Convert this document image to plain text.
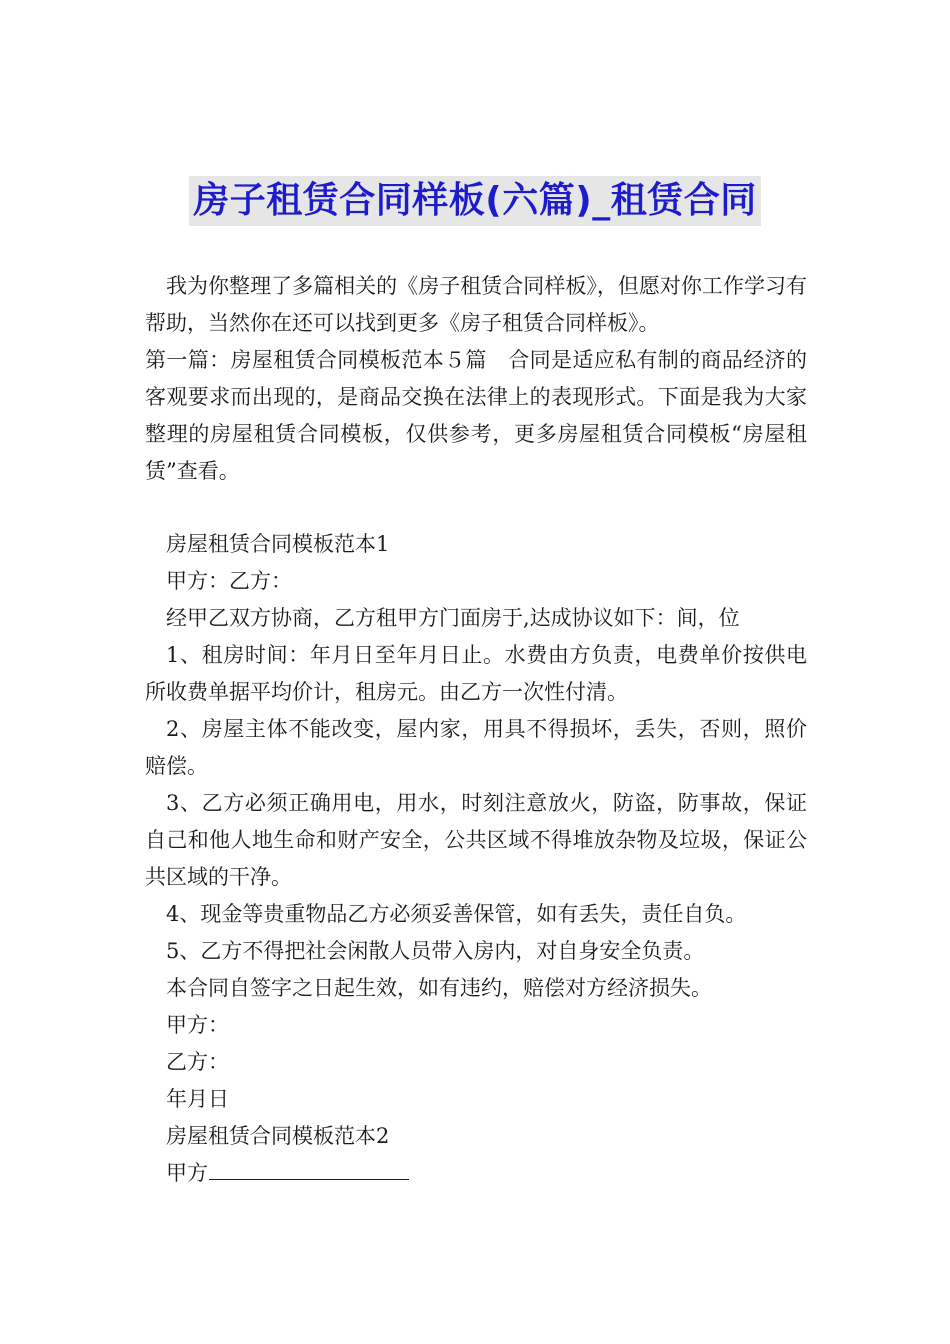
房子租赁合同样板(六篇)_租赁合同

我为你整理了多篇相关的《房子租赁合同样板》，但愿对你工作学习有帮助，当然你在还可以找到更多《房子租赁合同样板》。

第一篇：房屋租赁合同模板范本５篇　合同是适应私有制的商品经济的客观要求而出现的，是商品交换在法律上的表现形式。下面是我为大家整理的房屋租赁合同模板，仅供参考，更多房屋租赁合同模板“房屋租赁”查看。

房屋租赁合同模板范本1

甲方：乙方：

经甲乙双方协商，乙方租甲方门面房于,达成协议如下：间，位

1、租房时间：年月日至年月日止。水费由方负责，电费单价按供电所收费单据平均价计，租房元。由乙方一次性付清。

2、房屋主体不能改变，屋内家，用具不得损坏，丢失，否则，照价赔偿。

3、乙方必须正确用电，用水，时刻注意放火，防盗，防事故，保证自己和他人地生命和财产安全，公共区域不得堆放杂物及垃圾，保证公共区域的干净。

4、现金等贵重物品乙方必须妥善保管，如有丢失，责任自负。

5、乙方不得把社会闲散人员带入房内，对自身安全负责。

本合同自签字之日起生效，如有违约，赔偿对方经济损失。

甲方：

乙方：

年月日

房屋租赁合同模板范本2

甲方
